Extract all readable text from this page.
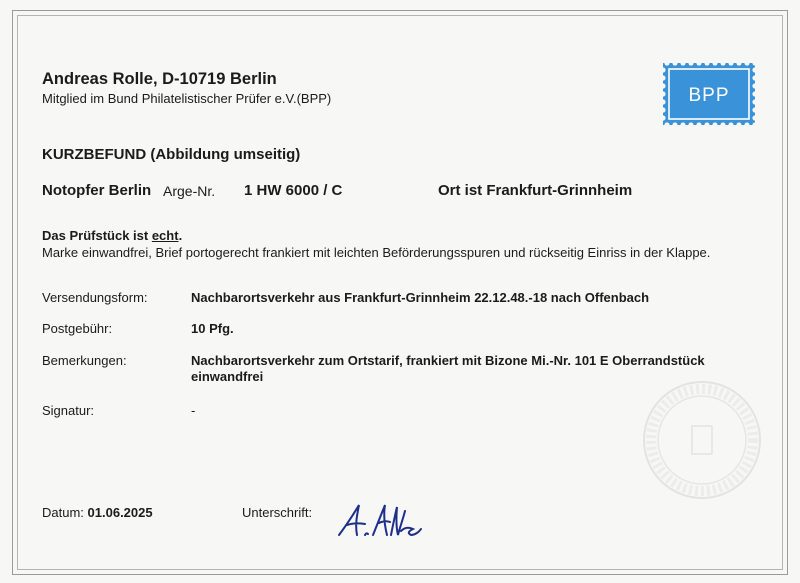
Andreas Rolle, D-10719 Berlin
Mitglied im Bund Philatelistischer Prüfer e.V.(BPP)	BPP
KURZBEFUND (Abbildung umseitig)
Notopfer Berlin Arge-Nr. 1 HW 6000 / C	Ort ist Frankfurt-Grinnheim
Das Prüfstück ist echt.
Marke einwandfrei, Brief portogerecht frankiert mit leichten Beförderungsspuren und rückseitig Einriss in der Klappe.
Versendungsform:	Nachbarortsverkehr aus Frankfurt-Grinnheim 22.12.48.-18 nach Offenbach
Postgebühr:	10 Pfg.
Bemerkungen:	Nachbarortsverkehr zum Ortstarif, frankiert mit Bizone Mi.-Nr. 101 E Oberrandstück
einwandfrei
Signatur:	-
Datum: 01.06.2025	Unterschrift:
